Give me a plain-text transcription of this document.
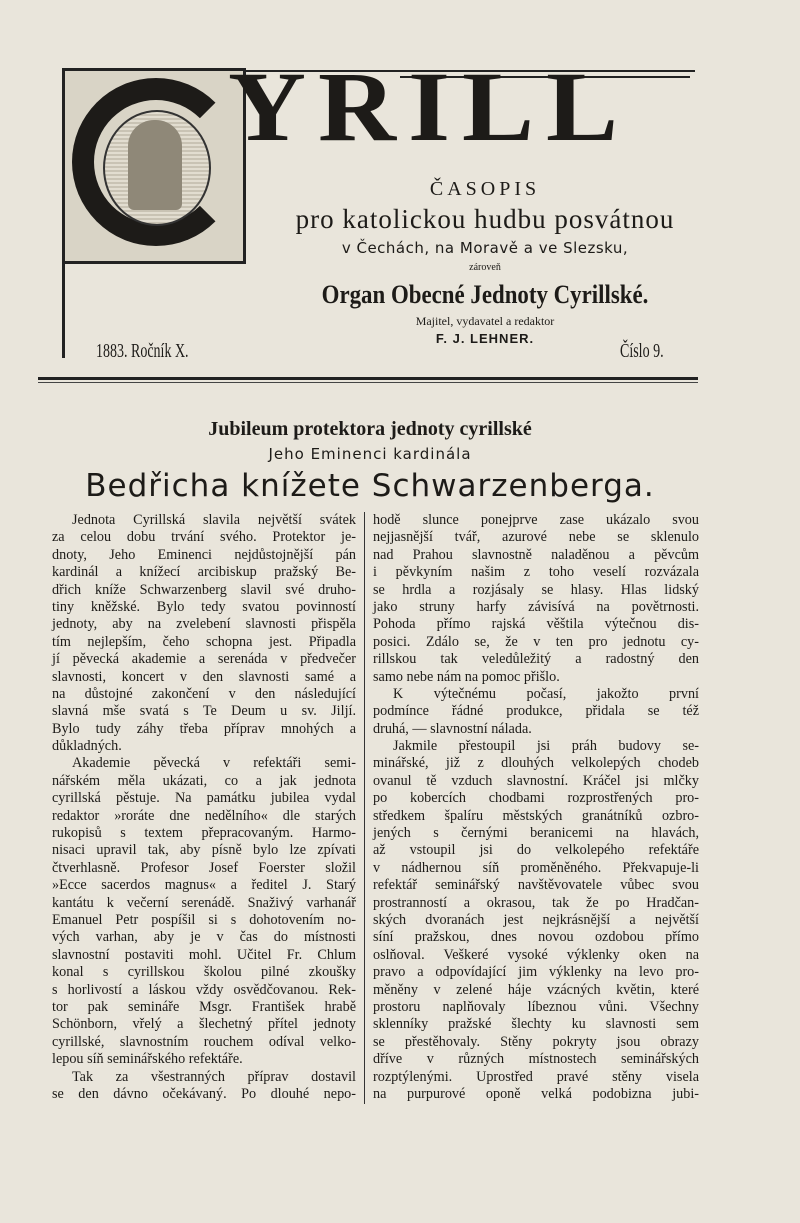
YRILL
ČASOPIS
pro katolickou hudbu posvátnou
v Čechách, na Moravě a ve Slezsku,
zároveň
Organ Obecné Jednoty Cyrillské.
Majitel, vydavatel a redaktor
F. J. LEHNER.
1883. Ročník X.	Číslo 9.
Jubileum protektora jednoty cyrillské
Jeho Eminenci kardinála
Bedřicha knížete Schwarzenberga.
Jednota Cyrillská slavila největší svátek
za celou dobu trvání svého. Protektor je-
dnoty, Jeho Eminenci nejdůstojnější pán
kardinál a knížecí arcibiskup pražský Be-
dřich kníže Schwarzenberg slavil své druho-
tiny kněžské. Bylo tedy svatou povinností
jednoty, aby na zvelebení slavnosti přispěla
tím nejlepším, čeho schopna jest. Připadla
jí pěvecká akademie a serenáda v předvečer
slavnosti, koncert v den slavnosti samé a
na důstojné zakončení v den následující
slavná mše svatá s Te Deum u sv. Jiljí.
Bylo tudy záhy třeba příprav mnohých a
důkladných.
Akademie pěvecká v refektáři semi-
nářském měla ukázati, co a jak jednota
cyrillská pěstuje. Na památku jubilea vydal
redaktor »roráte dne nedělního« dle starých
rukopisů s textem přepracovaným. Harmo-
nisaci upravil tak, aby písně bylo lze zpívati
čtverhlasně. Profesor Josef Foerster složil
»Ecce sacerdos magnus« a ředitel J. Starý
kantátu k večerní serenádě. Snaživý varhanář
Emanuel Petr pospíšil si s dohotovením no-
vých varhan, aby je v čas do místnosti
slavnostní postaviti mohl. Učitel Fr. Chlum
konal s cyrillskou školou pilné zkoušky
s horlivostí a láskou vždy osvědčovanou. Rek-
tor pak semináře Msgr. František hrabě
Schönborn, vřelý a šlechetný přítel jednoty
cyrillské, slavnostním rouchem odíval velko-
lepou síň seminářského refektáře.
Tak za všestranných příprav dostavil
se den dávno očekávaný. Po dlouhé nepo-
hodě slunce ponejprve zase ukázalo svou
nejjasnější tvář, azurové nebe se sklenulo
nad Prahou slavnostně naladěnou a pěvcům
i pěvkyním našim z toho veselí rozvázala
se hrdla a rozjásaly se hlasy. Hlas lidský
jako struny harfy závisívá na povětrnosti.
Pohoda přímo rajská věštila výtečnou dis-
posici. Zdálo se, že v ten pro jednotu cy-
rillskou tak veledůležitý a radostný den
samo nebe nám na pomoc přišlo.
K výtečnému počasí, jakožto první
podmínce řádné produkce, přidala se též
druhá, — slavnostní nálada.
Jakmile přestoupil jsi práh budovy se-
minářské, již z dlouhých velkolepých chodeb
ovanul tě vzduch slavnostní. Kráčel jsi mlčky
po kobercích chodbami rozprostřených pro-
středkem špalíru městských granátníků ozbro-
jených s černými beranicemi na hlavách,
až vstoupil jsi do velkolepého refektáře
v nádhernou síň proměněného. Překvapuje-li
refektář seminářský navštěvovatele vůbec svou
prostranností a okrasou, tak že po Hradčan-
ských dvoranách jest nejkrásnější a největší
síní pražskou, dnes novou ozdobou přímo
oslňoval. Veškeré vysoké výklenky oken na
pravo a odpovídající jim výklenky na levo pro-
měněny v zelené háje vzácných květin, které
prostoru naplňovaly líbeznou vůni. Všechny
sklenníky pražské šlechty ku slavnosti sem
se přestěhovaly. Stěny pokryty jsou obrazy
dříve v různých místnostech seminářských
rozptýlenými. Uprostřed pravé stěny visela
na purpurové oponě velká podobizna jubi-
